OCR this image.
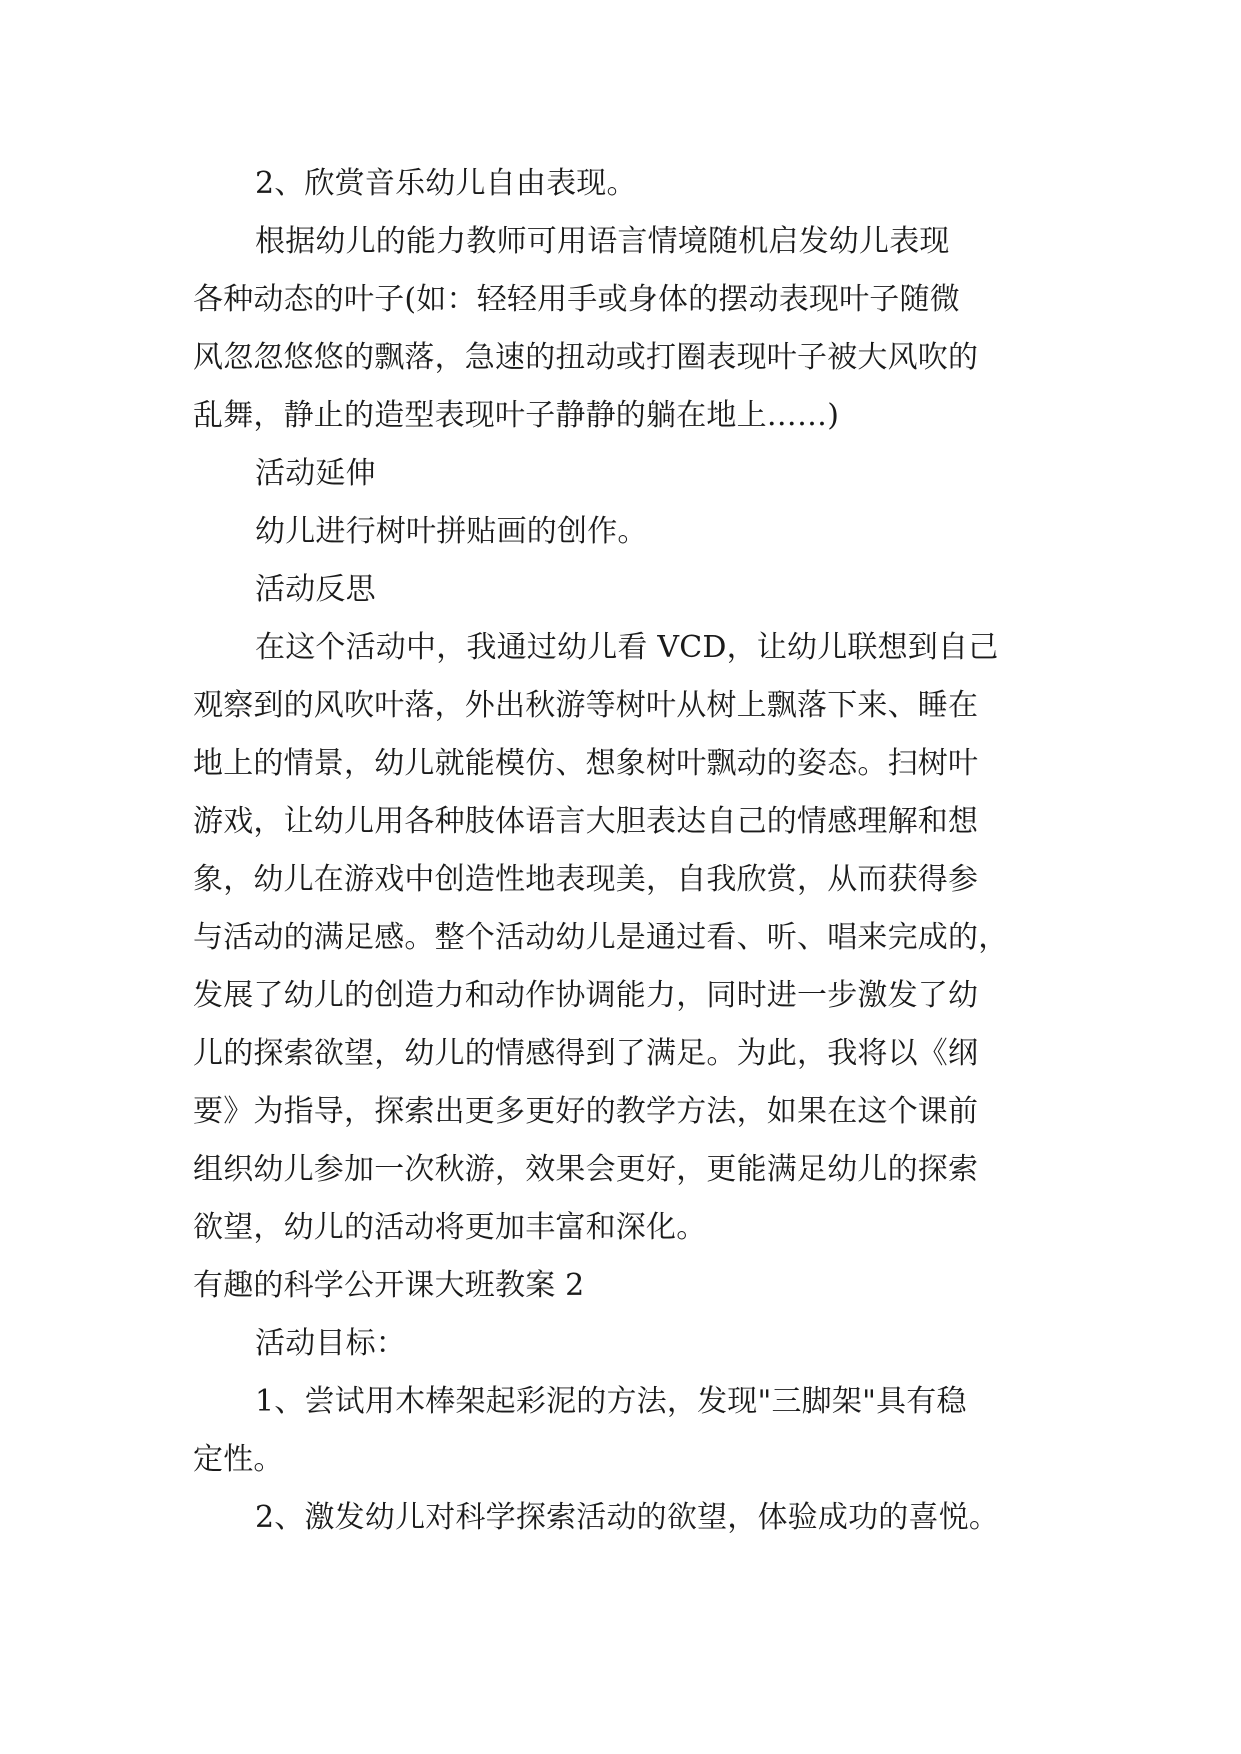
2、欣赏音乐幼儿自由表现。
根据幼儿的能力教师可用语言情境随机启发幼儿表现
各种动态的叶子(如：轻轻用手或身体的摆动表现叶子随微
风忽忽悠悠的飘落，急速的扭动或打圈表现叶子被大风吹的
乱舞，静止的造型表现叶子静静的躺在地上……)
活动延伸
幼儿进行树叶拼贴画的创作。
活动反思
在这个活动中，我通过幼儿看 VCD，让幼儿联想到自己
观察到的风吹叶落，外出秋游等树叶从树上飘落下来、睡在
地上的情景，幼儿就能模仿、想象树叶飘动的姿态。扫树叶
游戏，让幼儿用各种肢体语言大胆表达自己的情感理解和想
象，幼儿在游戏中创造性地表现美，自我欣赏，从而获得参
与活动的满足感。整个活动幼儿是通过看、听、唱来完成的，
发展了幼儿的创造力和动作协调能力，同时进一步激发了幼
儿的探索欲望，幼儿的情感得到了满足。为此，我将以《纲
要》为指导，探索出更多更好的教学方法，如果在这个课前
组织幼儿参加一次秋游，效果会更好，更能满足幼儿的探索
欲望，幼儿的活动将更加丰富和深化。
有趣的科学公开课大班教案 2
活动目标：
1、尝试用木棒架起彩泥的方法，发现"三脚架"具有稳
定性。
2、激发幼儿对科学探索活动的欲望，体验成功的喜悦。
